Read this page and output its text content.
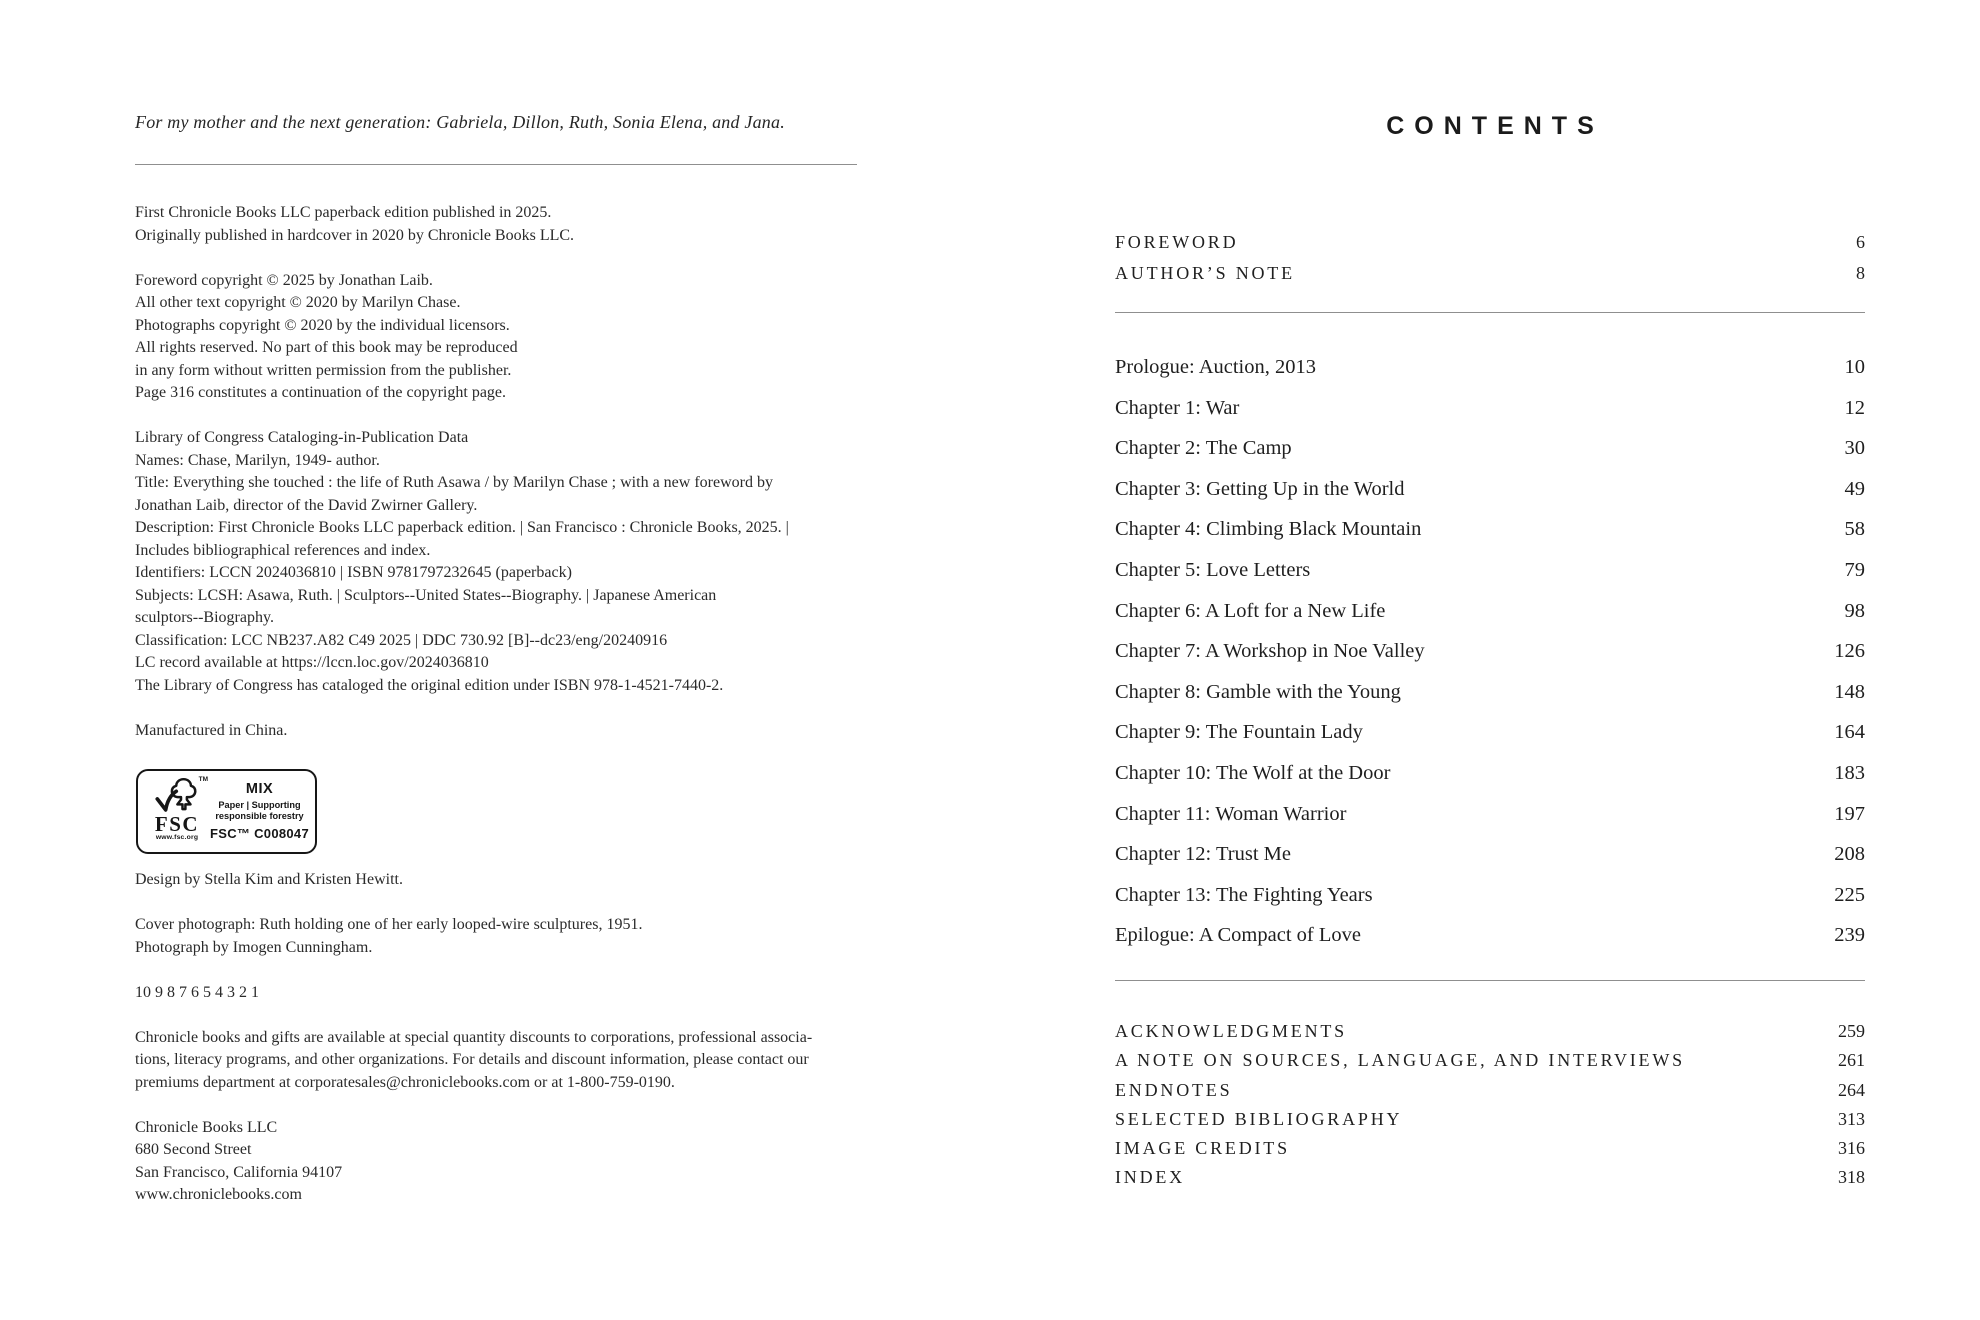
For my mother and the next generation: Gabriela, Dillon, Ruth, Sonia Elena, and Jana.

First Chronicle Books LLC paperback edition published in 2025.
Originally published in hardcover in 2020 by Chronicle Books LLC.
Foreword copyright © 2025 by Jonathan Laib.
All other text copyright © 2020 by Marilyn Chase.
Photographs copyright © 2020 by the individual licensors.
All rights reserved. No part of this book may be reproduced
in any form without written permission from the publisher.
Page 316 constitutes a continuation of the copyright page.
Library of Congress Cataloging-in-Publication Data
Names: Chase, Marilyn, 1949- author.
Title: Everything she touched : the life of Ruth Asawa / by Marilyn Chase ; with a new foreword by
Jonathan Laib, director of the David Zwirner Gallery.
Description: First Chronicle Books LLC paperback edition. | San Francisco : Chronicle Books, 2025. |
Includes bibliographical references and index.
Identifiers: LCCN 2024036810 | ISBN 9781797232645 (paperback)
Subjects: LCSH: Asawa, Ruth. | Sculptors--United States--Biography. | Japanese American
sculptors--Biography.
Classification: LCC NB237.A82 C49 2025 | DDC 730.92 [B]--dc23/eng/20240916
LC record available at https://lccn.loc.gov/2024036810
The Library of Congress has cataloged the original edition under ISBN 978-1-4521-7440-2.
Manufactured in China.
TM
FSC
www.fsc.org
MIX
Paper | Supporting
responsible forestry
FSC™ C008047
Design by Stella Kim and Kristen Hewitt.
Cover photograph: Ruth holding one of her early looped-wire sculptures, 1951.
Photograph by Imogen Cunningham.
10 9 8 7 6 5 4 3 2 1
Chronicle books and gifts are available at special quantity discounts to corporations, professional associa-
tions, literacy programs, and other organizations. For details and discount information, please contact our
premiums department at corporatesales@chroniclebooks.com or at 1-800-759-0190.
Chronicle Books LLC
680 Second Street
San Francisco, California 94107
www.chroniclebooks.com
CONTENTS
FOREWORD	6
AUTHOR’S NOTE	8
Prologue: Auction, 2013	10
Chapter 1: War	12
Chapter 2: The Camp	30
Chapter 3: Getting Up in the World	49
Chapter 4: Climbing Black Mountain	58
Chapter 5: Love Letters	79
Chapter 6: A Loft for a New Life	98
Chapter 7: A Workshop in Noe Valley	126
Chapter 8: Gamble with the Young	148
Chapter 9: The Fountain Lady	164
Chapter 10: The Wolf at the Door	183
Chapter 11: Woman Warrior	197
Chapter 12: Trust Me	208
Chapter 13: The Fighting Years	225
Epilogue: A Compact of Love	239
ACKNOWLEDGMENTS	259
A NOTE ON SOURCES, LANGUAGE, AND INTERVIEWS	261
ENDNOTES	264
SELECTED BIBLIOGRAPHY	313
IMAGE CREDITS	316
INDEX	318
